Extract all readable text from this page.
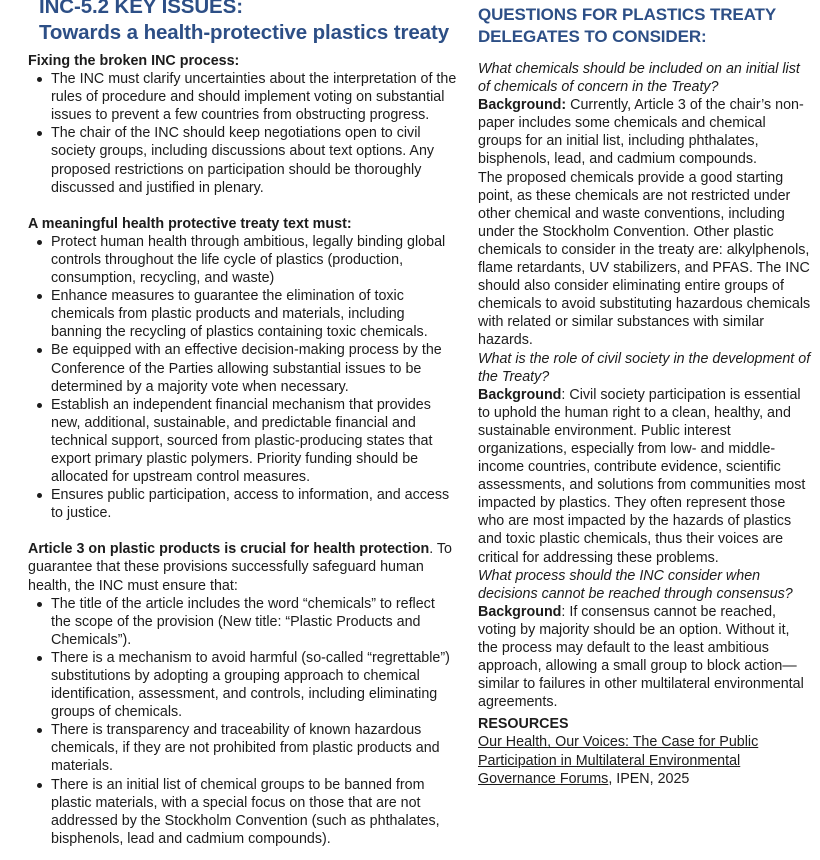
INC-5.2 KEY ISSUES:
Towards a health-protective plastics treaty

Fixing the broken INC process:

The INC must clarify uncertainties about the interpretation of the rules of procedure and should implement voting on substantial issues to prevent a few countries from obstructing progress.
The chair of the INC should keep negotiations open to civil society groups, including discussions about text options. Any proposed restrictions on participation should be thoroughly discussed and justified in plenary.

A meaningful health protective treaty text must:

Protect human health through ambitious, legally binding global controls throughout the life cycle of plastics (production, consumption, recycling, and waste)
Enhance measures to guarantee the elimination of toxic chemicals from plastic products and materials, including banning the recycling of plastics containing toxic chemicals.
Be equipped with an effective decision-making process by the Conference of the Parties allowing substantial issues to be determined by a majority vote when necessary.
Establish an independent financial mechanism that provides new, additional, sustainable, and predictable financial and technical support, sourced from plastic-producing states that export primary plastic polymers. Priority funding should be allocated for upstream control measures.
Ensures public participation, access to information, and access to justice.

Article 3 on plastic products is crucial for health protection. To guarantee that these provisions successfully safeguard human health, the INC must ensure that:

The title of the article includes the word “chemicals” to reflect the scope of the provision (New title: “Plastic Products and Chemicals”).
There is a mechanism to avoid harmful (so-called “regrettable”) substitutions by adopting a grouping approach to chemical identification, assessment, and controls, including eliminating groups of chemicals.
There is transparency and traceability of known hazardous chemicals, if they are not prohibited from plastic products and materials.
There is an initial list of chemical groups to be banned from plastic materials, with a special focus on those that are not addressed by the Stockholm Convention (such as phthalates, bisphenols, lead and cadmium compounds).
QUESTIONS FOR PLASTICS TREATY
DELEGATES TO CONSIDER:

What chemicals should be included on an initial list of chemicals of concern in the Treaty?

Background: Currently, Article 3 of the chair’s non-paper includes some chemicals and chemical groups for an initial list, including phthalates, bisphenols, lead, and cadmium compounds.

The proposed chemicals provide a good starting point, as these chemicals are not restricted under other chemical and waste conventions, including under the Stockholm Convention. Other plastic chemicals to consider in the treaty are: alkylphenols, flame retardants, UV stabilizers, and PFAS. The INC should also consider eliminating entire groups of chemicals to avoid substituting hazardous chemicals with related or similar substances with similar hazards.

What is the role of civil society in the development of the Treaty?

Background: Civil society participation is essential to uphold the human right to a clean, healthy, and sustainable environment. Public interest organizations, especially from low- and middle-income countries, contribute evidence, scientific assessments, and solutions from communities most impacted by plastics. They often represent those who are most impacted by the hazards of plastics and toxic plastic chemicals, thus their voices are critical for addressing these problems.

What process should the INC consider when decisions cannot be reached through consensus?

Background: If consensus cannot be reached, voting by majority should be an option. Without it, the process may default to the least ambitious approach, allowing a small group to block action—similar to failures in other multilateral environmental agreements.

RESOURCES

Our Health, Our Voices: The Case for Public Participation in Multilateral Environmental Governance Forums, IPEN, 2025
